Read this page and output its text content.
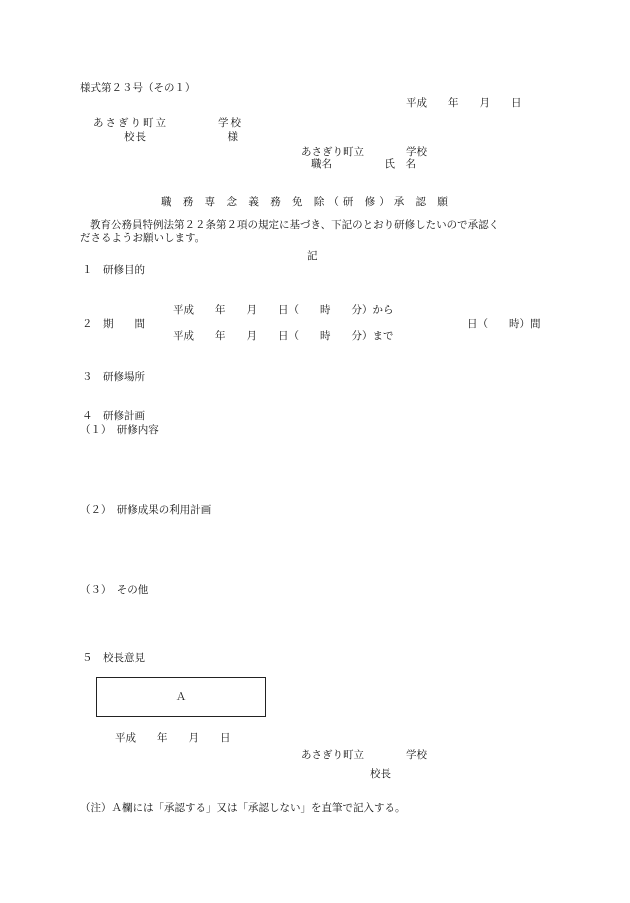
様式第２３号（その１）
平成　　年　　月　　日
あさぎり町立　　　　学校
校長　　　　　　　様
あさぎり町立　　　　学校
職名　　　　　氏　名
職 務 専 念 義 務 免 除（研 修）承 認 願
教育公務員特例法第２２条第２項の規定に基づき、下記のとおり研修したいので承認く
ださるようお願いします。
記
１　研修目的
平成　　年　　月　　日（　　時　　分）から
２　期　　間	日（　　時）間
平成　　年　　月　　日（　　時　　分）まで
３　研修場所
４　研修計画
（１）　研修内容
（２）　研修成果の利用計画
（３）　その他
５　校長意見
Ａ
平成　　年　　月　　日
あさぎり町立　　　　学校
校長
（注）Ａ欄には「承認する」又は「承認しない」を直筆で記入する。
